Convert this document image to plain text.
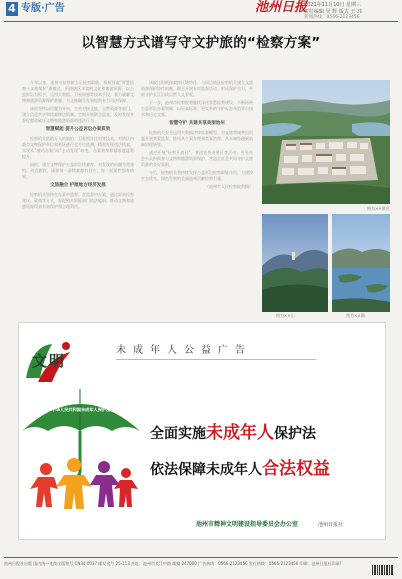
4 专版·广告	池州日报
2021年11月10日 星期三
责任编辑 吴 辉 版式 王 玮
新闻热线：0566-2123456
以智慧方式谱写守文护旅的“检察方案”

今年以来，池州市检察院立足检察职能，积极探索“智慧检察＋文旅保护”新模式，围绕辖区丰富的文化和旅游资源，以公益诉讼为抓手，运用大数据、卫星遥感等技术手段，着力破解文物和旅游资源保护难题，为文旅融合发展提供有力司法保障。

该院坚持以问题为导向，主动对接文旅、自然资源等部门，建立信息共享和线索移送机制，定期开展联合巡查，及时发现并督促整改破坏文物和旅游资源的违法行为。

智慧赋能 提升公益诉讼办案质效

检察机关借助无人机航拍、卫星图片比对等技术，对辖区内重点文物保护单位和景区进行全方位监测，精准发现违法线索，实现从“被动办案”向“主动发现”转变，办案效率和精准度显著提升。

同时，建立文物保护公益诉讼线索库，对发现的问题分类建档、动态跟踪，确保每一条线索都有回应、每一起案件都有结果。

文旅融合 护航地方经济发展

检察机关坚持在办案中监督、在监督中办案，通过诉前检察建议、磋商等方式，督促相关职能部门依法履职，推动文物和旅游资源得到有效保护和合理利用。

该院还积极探索跨区域协作，与周边地区检察机关建立文旅资源保护协作机制，联合开展专项监督活动，形成保护合力，共同守护长江沿线自然人文景观。

下一步，池州市检察院将继续深化智慧检察建设，不断拓展公益诉讼办案领域，以更高标准、更实举措守护好池州的青山绿水和历史文脉。

智慧守护 共建共享美丽池州

检察机关充分运用大数据法律监督模型，对文旅领域突出问题开展类案监督，推动从个案办理到类案治理、从末端处理到前端治理转变。

通过开展“检察开放日”、普法宣传进景区等活动，引导社会公众积极参与文物和旅游资源保护，营造全社会共同守护文旅资源的良好氛围。

今后，检察机关将持续发挥公益诉讼检察职能作用，为建设生态优先、绿色发展的美丽池州贡献检察力量。

（池州市人民检察院供稿）

图为××景区
图为××山	图为××湖
文明
未成年人公益广告
“中华人民共和国未成年人保护法”
全面实施未成年人保护法
依法保障未成年人合法权益
池州市精神文明建设指导委员会办公室	池州日报社
池州日报社出版 国内统一连续出版物号 CN34-0037 邮发代号 25-113 社址：池州市长江中路 邮编 247000 广告热线：0566-2123456 发行热线：0566-2123456 印刷：池州日报社印刷厂
